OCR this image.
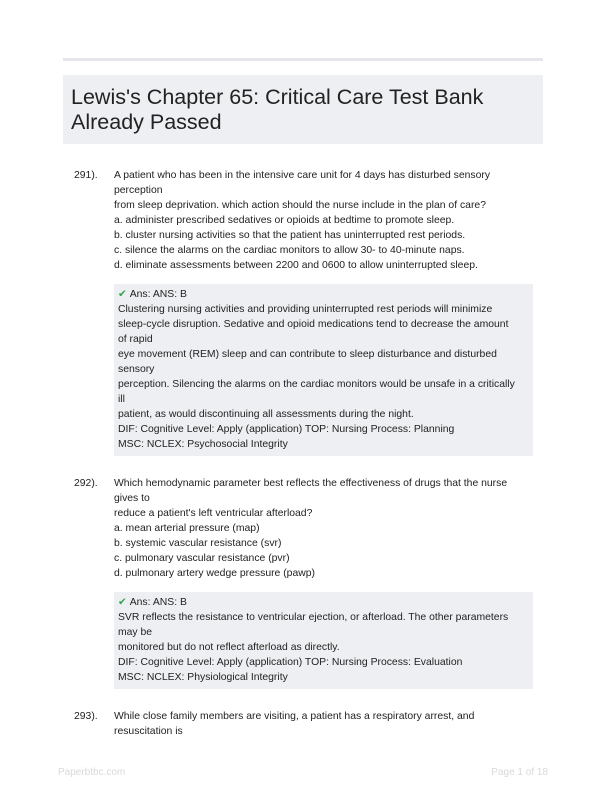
Lewis's Chapter 65: Critical Care Test Bank
Already Passed
291).	A patient who has been in the intensive care unit for 4 days has disturbed sensory
perception
from sleep deprivation. which action should the nurse include in the plan of care?
a. administer prescribed sedatives or opioids at bedtime to promote sleep.
b. cluster nursing activities so that the patient has uninterrupted rest periods.
c. silence the alarms on the cardiac monitors to allow 30- to 40-minute naps.
d. eliminate assessments between 2200 and 0600 to allow uninterrupted sleep.
✔ Ans: ANS: B
Clustering nursing activities and providing uninterrupted rest periods will minimize
sleep-cycle disruption. Sedative and opioid medications tend to decrease the amount
of rapid
eye movement (REM) sleep and can contribute to sleep disturbance and disturbed
sensory
perception. Silencing the alarms on the cardiac monitors would be unsafe in a critically
ill
patient, as would discontinuing all assessments during the night.
DIF: Cognitive Level: Apply (application) TOP: Nursing Process: Planning
MSC: NCLEX: Psychosocial Integrity
292).	Which hemodynamic parameter best reflects the effectiveness of drugs that the nurse
gives to
reduce a patient's left ventricular afterload?
a. mean arterial pressure (map)
b. systemic vascular resistance (svr)
c. pulmonary vascular resistance (pvr)
d. pulmonary artery wedge pressure (pawp)
✔ Ans: ANS: B
SVR reflects the resistance to ventricular ejection, or afterload. The other parameters
may be
monitored but do not reflect afterload as directly.
DIF: Cognitive Level: Apply (application) TOP: Nursing Process: Evaluation
MSC: NCLEX: Physiological Integrity
293).	While close family members are visiting, a patient has a respiratory arrest, and
resuscitation is
Paperbtbc.com	Page 1 of 18
